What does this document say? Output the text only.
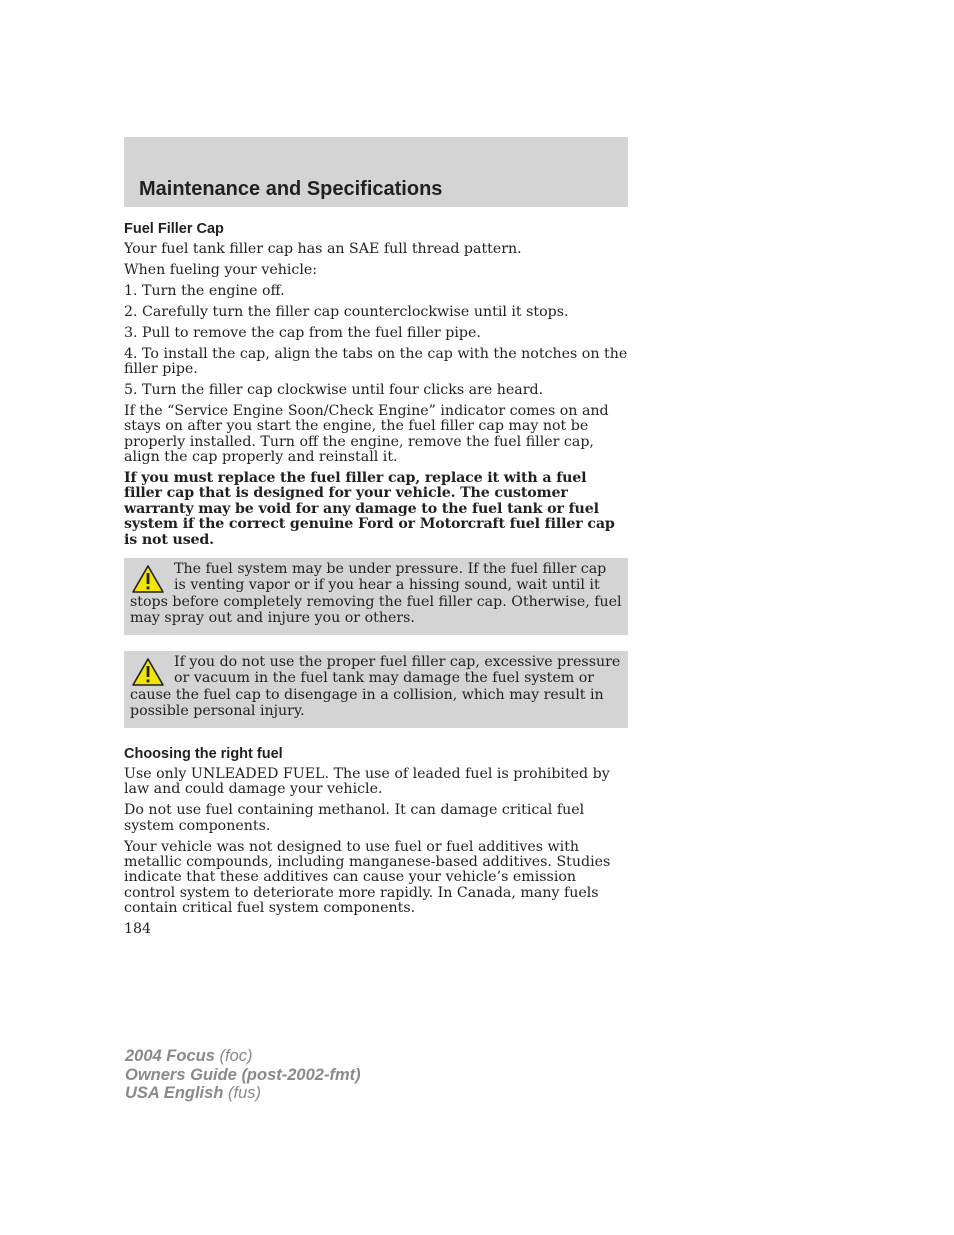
Maintenance and Specifications
Fuel Filler Cap

Your fuel tank filler cap has an SAE full thread pattern.

When fueling your vehicle:

1. Turn the engine off.

2. Carefully turn the filler cap counterclockwise until it stops.

3. Pull to remove the cap from the fuel filler pipe.

4. To install the cap, align the tabs on the cap with the notches on the filler pipe.

5. Turn the filler cap clockwise until four clicks are heard.

If the “Service Engine Soon/Check Engine” indicator comes on and stays on after you start the engine, the fuel filler cap may not be properly installed. Turn off the engine, remove the fuel filler cap, align the cap properly and reinstall it.

If you must replace the fuel filler cap, replace it with a fuel filler cap that is designed for your vehicle. The customer warranty may be void for any damage to the fuel tank or fuel system if the correct genuine Ford or Motorcraft fuel filler cap is not used.

The fuel system may be under pressure. If the fuel filler cap is venting vapor or if you hear a hissing sound, wait until it stops before completely removing the fuel filler cap. Otherwise, fuel may spray out and injure you or others.
If you do not use the proper fuel filler cap, excessive pressure or vacuum in the fuel tank may damage the fuel system or cause the fuel cap to disengage in a collision, which may result in possible personal injury.
Choosing the right fuel

Use only UNLEADED FUEL. The use of leaded fuel is prohibited by law and could damage your vehicle.

Do not use fuel containing methanol. It can damage critical fuel system components.

Your vehicle was not designed to use fuel or fuel additives with metallic compounds, including manganese-based additives. Studies indicate that these additives can cause your vehicle’s emission control system to deteriorate more rapidly. In Canada, many fuels contain critical fuel system components.

184

2004 Focus (foc)
Owners Guide (post-2002-fmt)
USA English (fus)
